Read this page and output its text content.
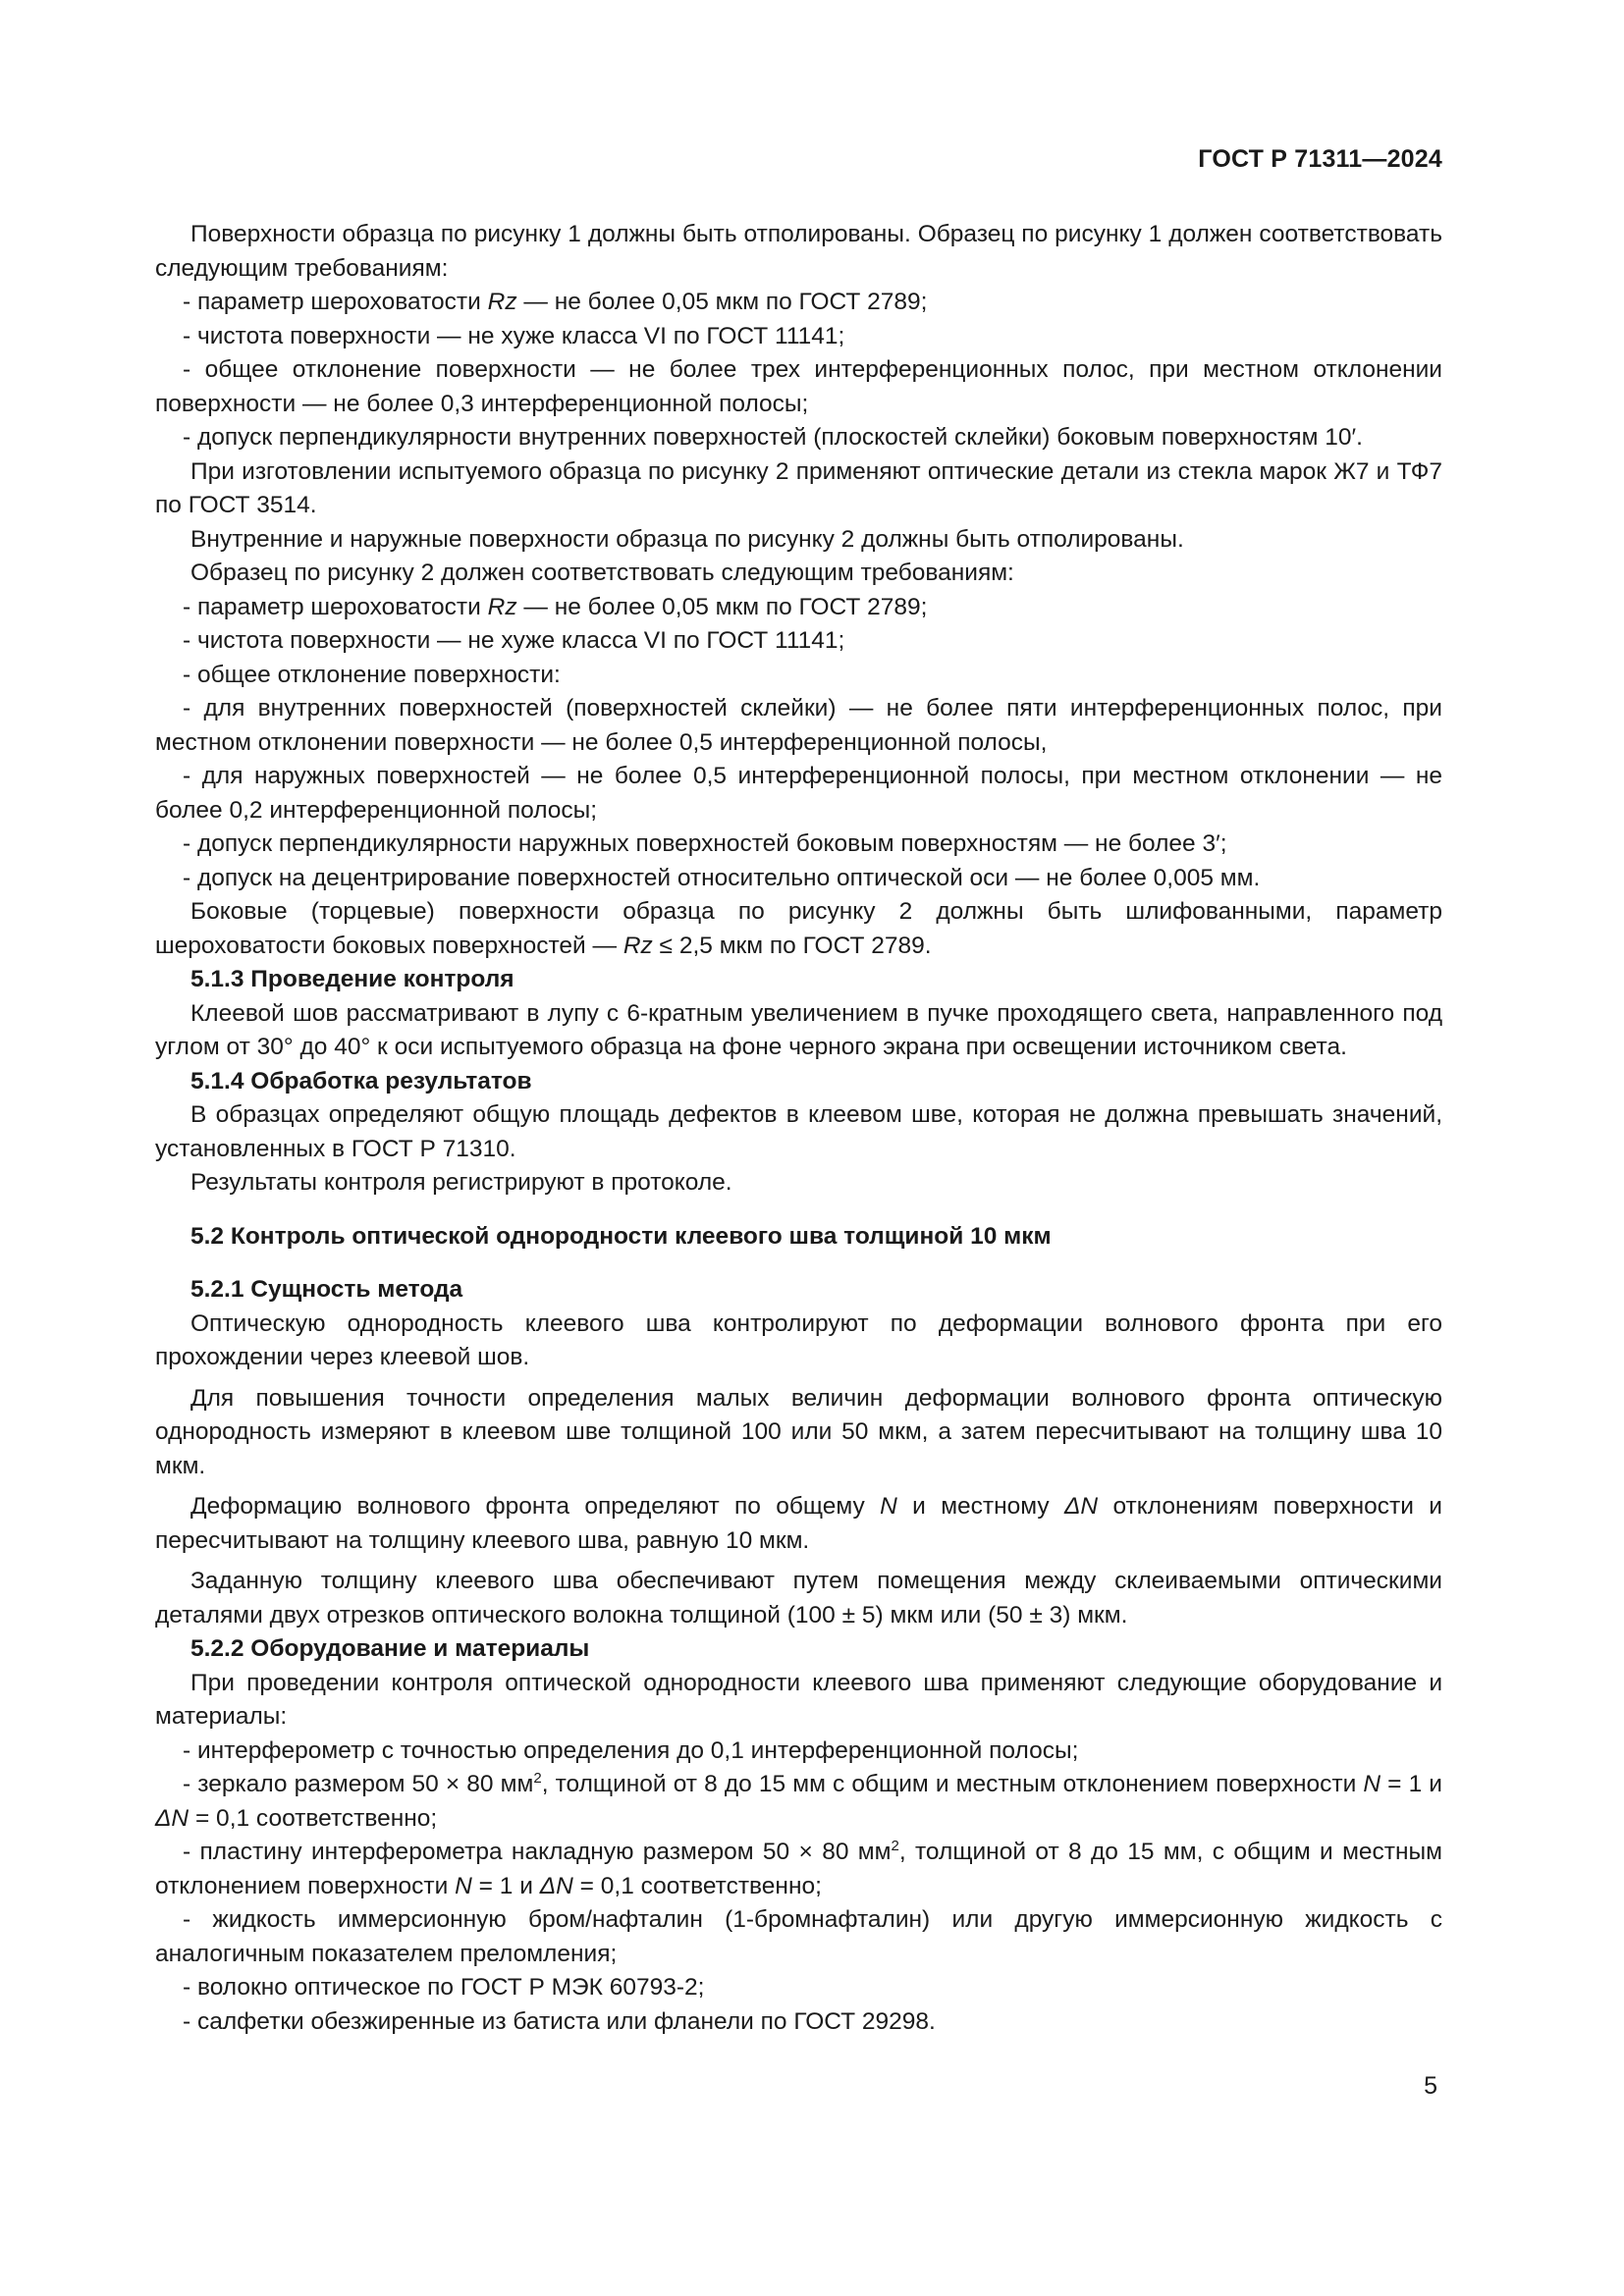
ГОСТ Р 71311—2024

Поверхности образца по рисунку 1 должны быть отполированы. Образец по рисунку 1 должен соответствовать следующим требованиям:

- параметр шероховатости Rz — не более 0,05 мкм по ГОСТ 2789;

- чистота поверхности — не хуже класса VI по ГОСТ 11141;

- общее отклонение поверхности — не более трех интерференционных полос, при местном отклонении поверхности — не более 0,3 интерференционной полосы;

- допуск перпендикулярности внутренних поверхностей (плоскостей склейки) боковым поверхностям 10′.

При изготовлении испытуемого образца по рисунку 2 применяют оптические детали из стекла марок Ж7 и ТФ7 по ГОСТ 3514.

Внутренние и наружные поверхности образца по рисунку 2 должны быть отполированы.

Образец по рисунку 2 должен соответствовать следующим требованиям:

- параметр шероховатости Rz — не более 0,05 мкм по ГОСТ 2789;

- чистота поверхности — не хуже класса VI по ГОСТ 11141;

- общее отклонение поверхности:

- для внутренних поверхностей (поверхностей склейки) — не более пяти интерференционных полос, при местном отклонении поверхности — не более 0,5 интерференционной полосы,

- для наружных поверхностей — не более 0,5 интерференционной полосы, при местном отклонении — не более 0,2 интерференционной полосы;

- допуск перпендикулярности наружных поверхностей боковым поверхностям — не более 3′;

- допуск на децентрирование поверхностей относительно оптической оси — не более 0,005 мм.

Боковые (торцевые) поверхности образца по рисунку 2 должны быть шлифованными, параметр шероховатости боковых поверхностей — Rz ≤ 2,5 мкм по ГОСТ 2789.

5.1.3 Проведение контроля

Клеевой шов рассматривают в лупу с 6-кратным увеличением в пучке проходящего света, направленного под углом от 30° до 40° к оси испытуемого образца на фоне черного экрана при освещении источником света.

5.1.4 Обработка результатов

В образцах определяют общую площадь дефектов в клеевом шве, которая не должна превышать значений, установленных в ГОСТ Р 71310.

Результаты контроля регистрируют в протоколе.

5.2 Контроль оптической однородности клеевого шва толщиной 10 мкм

5.2.1 Сущность метода

Оптическую однородность клеевого шва контролируют по деформации волнового фронта при его прохождении через клеевой шов.

Для повышения точности определения малых величин деформации волнового фронта оптическую однородность измеряют в клеевом шве толщиной 100 или 50 мкм, а затем пересчитывают на толщину шва 10 мкм.

Деформацию волнового фронта определяют по общему N и местному ΔN отклонениям поверхности и пересчитывают на толщину клеевого шва, равную 10 мкм.

Заданную толщину клеевого шва обеспечивают путем помещения между склеиваемыми оптическими деталями двух отрезков оптического волокна толщиной (100 ± 5) мкм или (50 ± 3) мкм.

5.2.2 Оборудование и материалы

При проведении контроля оптической однородности клеевого шва применяют следующие оборудование и материалы:

- интерферометр с точностью определения до 0,1 интерференционной полосы;

- зеркало размером 50 × 80 $мм^2$, толщиной от 8 до 15 мм с общим и местным отклонением поверхности N = 1 и ΔN = 0,1 соответственно;

- пластину интерферометра накладную размером 50 × 80 $мм^2$, толщиной от 8 до 15 мм, с общим и местным отклонением поверхности N = 1 и ΔN = 0,1 соответственно;

- жидкость иммерсионную бром/нафталин (1-бромнафталин) или другую иммерсионную жидкость с аналогичным показателем преломления;

- волокно оптическое по ГОСТ Р МЭК 60793-2;

- салфетки обезжиренные из батиста или фланели по ГОСТ 29298.

5
